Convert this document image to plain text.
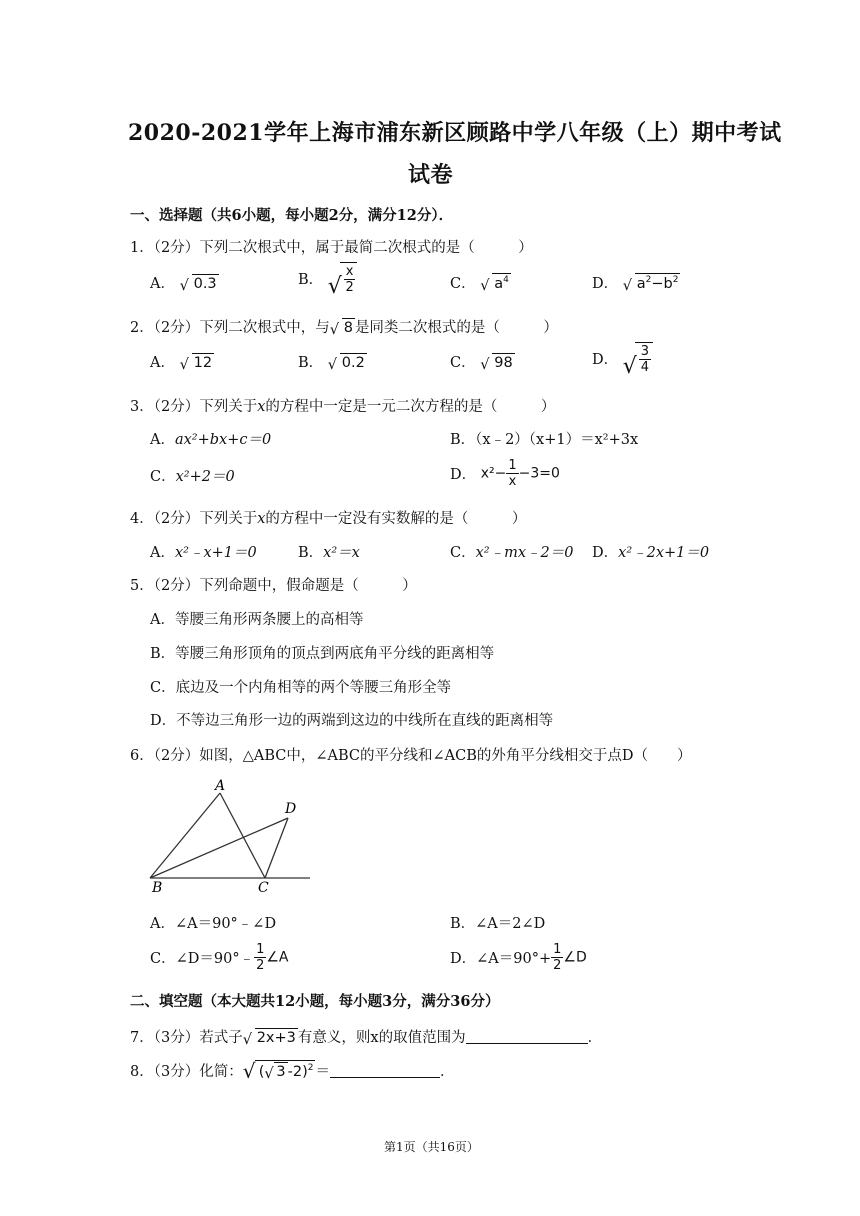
2020-2021学年上海市浦东新区顾路中学八年级（上）期中考试
试卷
一、选择题（共6小题，每小题2分，满分12分）．
1．（2分）下列二次根式中，属于最简二次根式的是（　　　）
A． √ 0.3	B． √ $\frac{x}{2}$	C． √ $a^4$	D． √ $a^2-b^2$
2．（2分）下列二次根式中，与 √ 8 是同类二次根式的是（　　　）
A． √ 12	B． √ 0.2	C． √ 98	D． √ $\frac{3}{4}$
3．（2分）下列关于x的方程中一定是一元二次方程的是（　　　）
A．ax²+bx+c＝0	B．（x﹣2）（x+1）＝x²+3x
C．x²+2＝0	D． $x^2- \frac{1}{x} -3=0$
4．（2分）下列关于x的方程中一定没有实数解的是（　　　）
A．x²﹣x+1＝0	B．x²＝x	C．x²﹣mx﹣2＝0 D．x²﹣2x+1＝0
5．（2分）下列命题中，假命题是（　　　）
A．等腰三角形两条腰上的高相等
B．等腰三角形顶角的顶点到两底角平分线的距离相等
C．底边及一个内角相等的两个等腰三角形全等
D．不等边三角形一边的两端到这边的中线所在直线的距离相等
6．（2分）如图，△ABC中，∠ABC的平分线和∠ACB的外角平分线相交于点D（　　）
A
D
B	C
A．∠A＝90°﹣∠D	B．∠A＝2∠D
C．∠D＝90°﹣ $\frac{1}{2}$ ∠A	D．∠A＝90°+ $\frac{1}{2}$ ∠D
二、填空题（本大题共12小题，每小题3分，满分36分）
7．（3分）若式子 √ 2x+3 有意义，则x的取值范围为	．
8．（3分）化简： √ ( √ 3 -2)$^2$ ＝	．
第1页（共16页）
